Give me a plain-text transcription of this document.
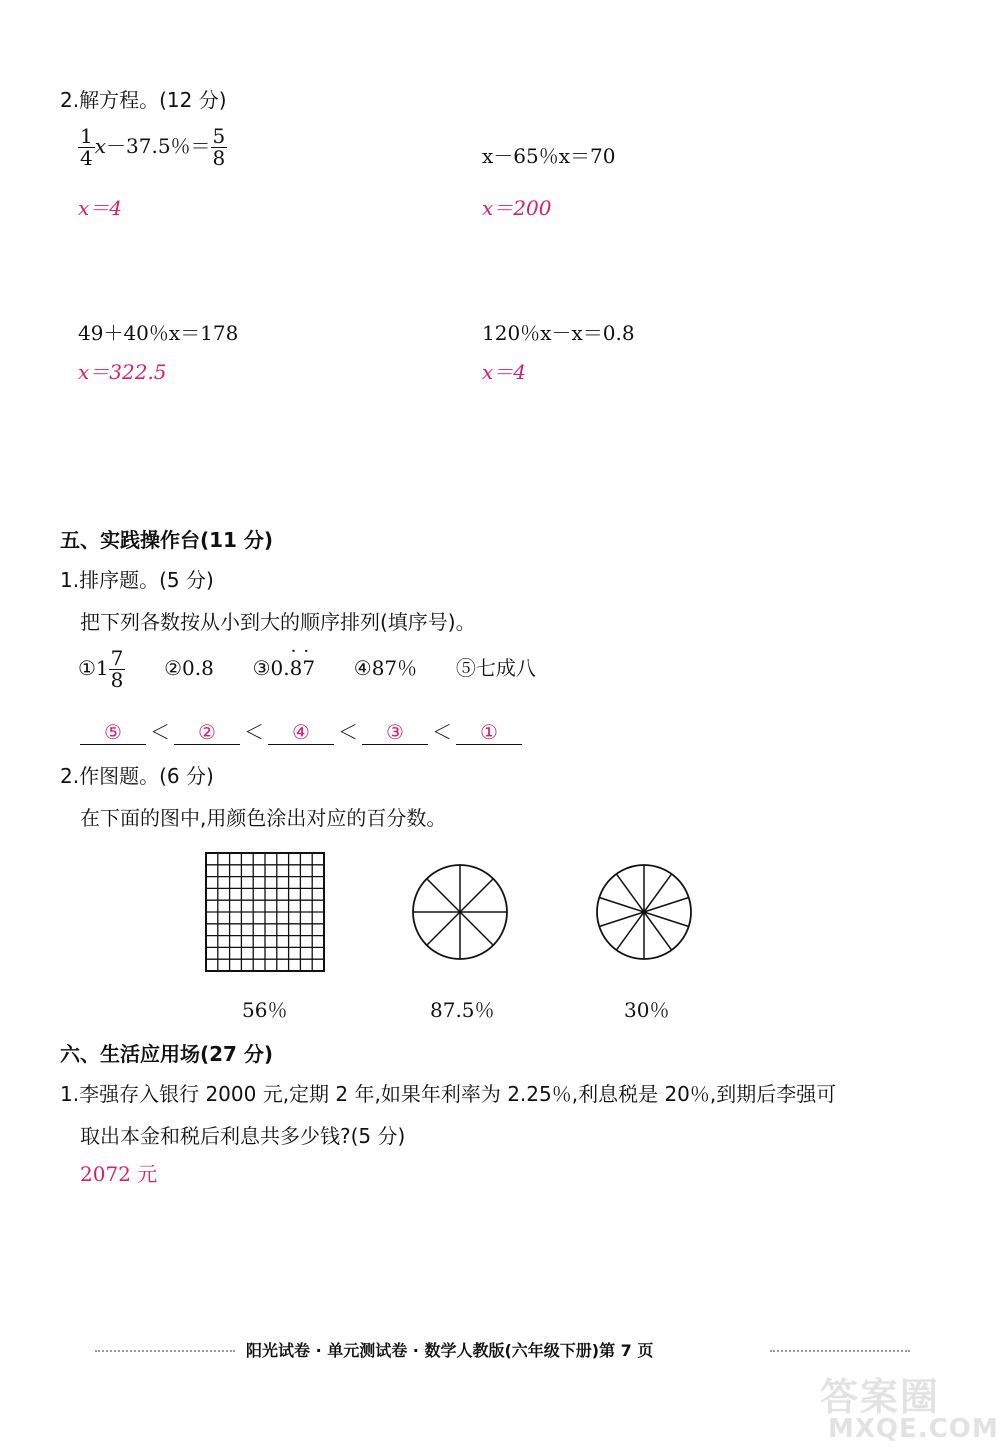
2.解方程。(12 分)
$\frac{1}{4} x-37.5$％＝ $\frac{5}{8}$
x＝4
x－65％x＝70
x＝200
49＋40％x＝178
x＝322.5
120％x－x＝0.8
x＝4
五、实践操作台(11 分)
1.排序题。(5 分)
把下列各数按从小到大的顺序排列(填序号)。
①1 $\frac{7}{8}$ ②0.8 ③0.· 8· 7 ④87％ ⑤七成八
⑤ ＜ ② ＜ ④ ＜ ③ ＜ ①
2.作图题。(6 分)
在下面的图中,用颜色涂出对应的百分数。
56％	87.5％	30％
六、生活应用场(27 分)
1.李强存入银行 2000 元,定期 2 年,如果年利率为 2.25％,利息税是 20％,到期后李强可
取出本金和税后利息共多少钱?(5 分)
2072 元
阳光试卷 · 单元测试卷 · 数学人教版(六年级下册)第 7 页
答案圈
MXQE.COM
